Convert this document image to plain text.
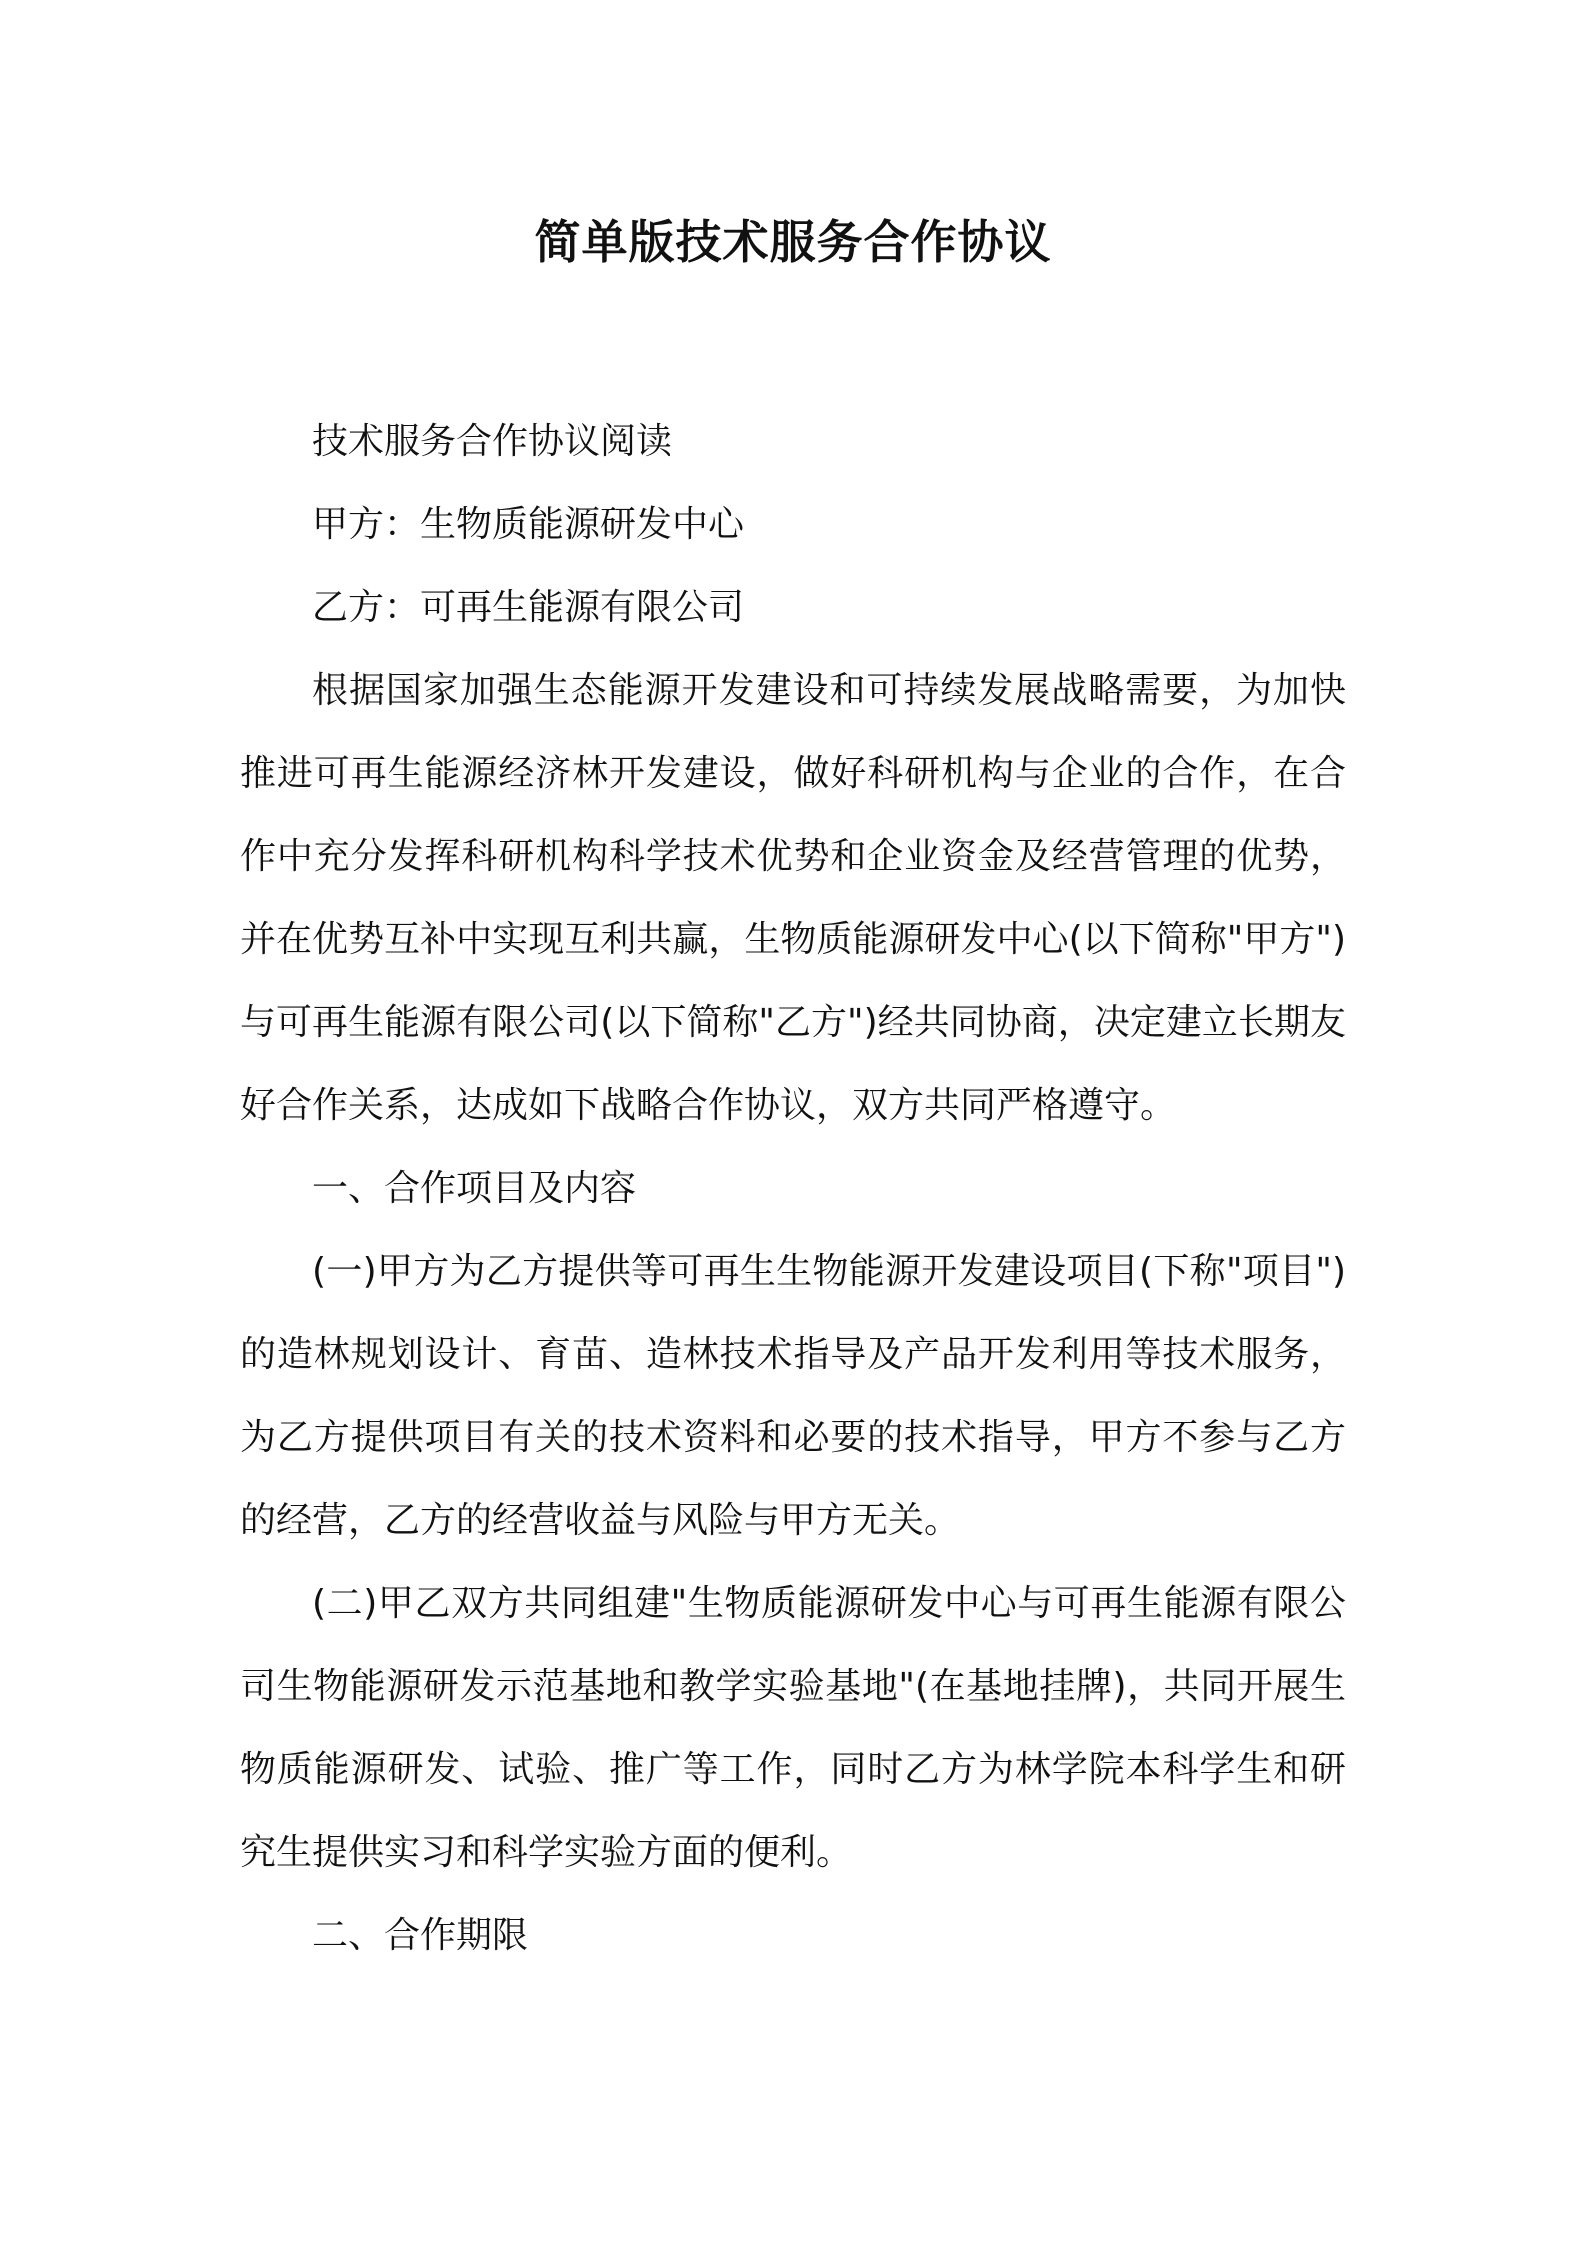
简单版技术服务合作协议

技术服务合作协议阅读

甲方：生物质能源研发中心

乙方：可再生能源有限公司

根据国家加强生态能源开发建设和可持续发展战略需要，为加快推进可再生能源经济林开发建设，做好科研机构与企业的合作，在合作中充分发挥科研机构科学技术优势和企业资金及经营管理的优势，并在优势互补中实现互利共赢，生物质能源研发中心(以下简称"甲方")与可再生能源有限公司(以下简称"乙方")经共同协商，决定建立长期友好合作关系，达成如下战略合作协议，双方共同严格遵守。

一、合作项目及内容

(一)甲方为乙方提供等可再生生物能源开发建设项目(下称"项目")的造林规划设计、育苗、造林技术指导及产品开发利用等技术服务，为乙方提供项目有关的技术资料和必要的技术指导，甲方不参与乙方的经营，乙方的经营收益与风险与甲方无关。

(二)甲乙双方共同组建"生物质能源研发中心与可再生能源有限公司生物能源研发示范基地和教学实验基地"(在基地挂牌)，共同开展生物质能源研发、试验、推广等工作，同时乙方为林学院本科学生和研究生提供实习和科学实验方面的便利。

二、合作期限
